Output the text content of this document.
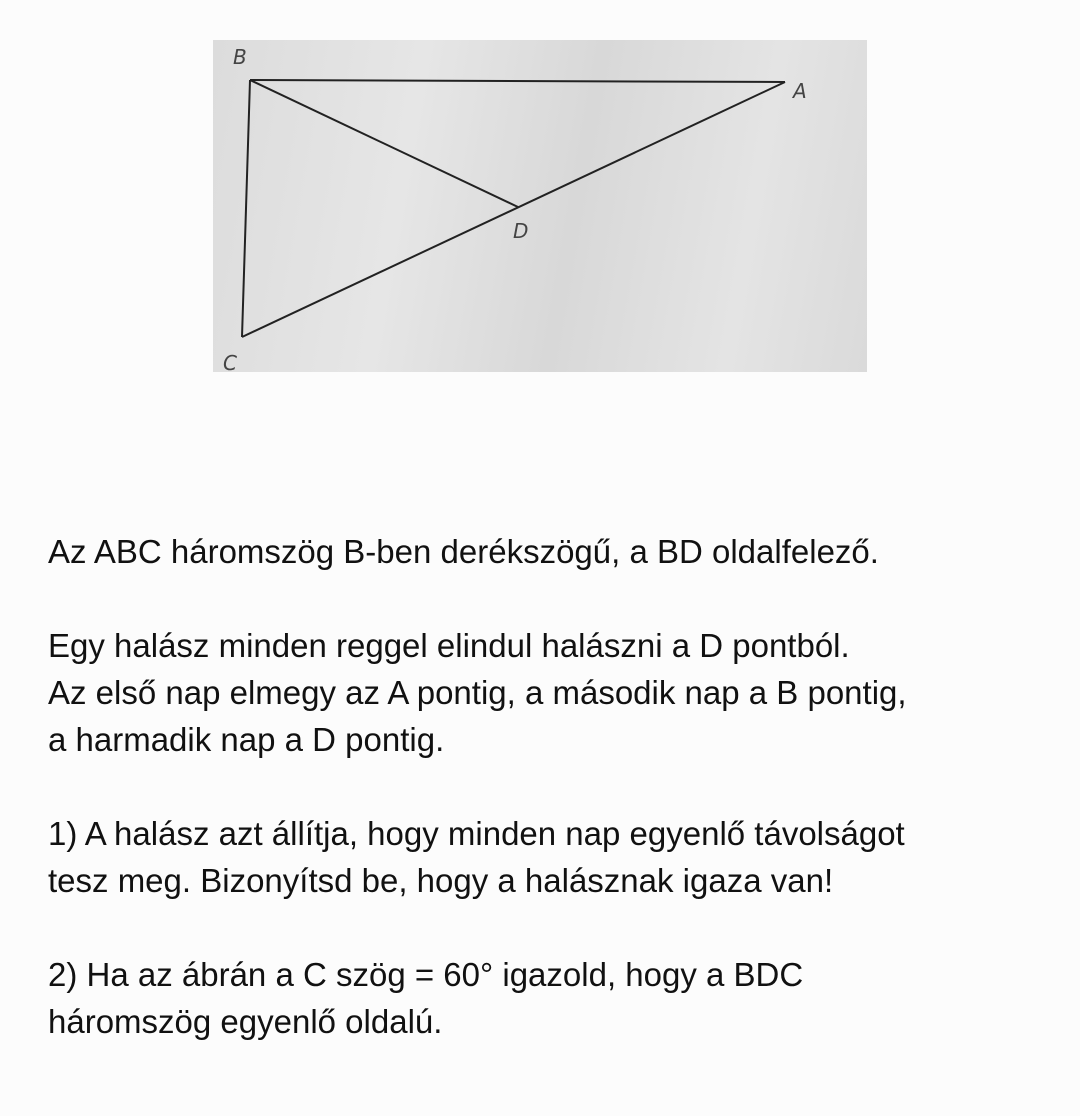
B
A
D
C

Az ABC háromszög B-ben derékszögű, a BD oldalfelező.

Egy halász minden reggel elindul halászni a D pontból.

Az első nap elmegy az A pontig, a második nap a B pontig,

a harmadik nap a D pontig.

1) A halász azt állítja, hogy minden nap egyenlő távolságot

tesz meg. Bizonyítsd be, hogy a halásznak igaza van!

2) Ha az ábrán a C szög = 60° igazold, hogy a BDC

háromszög egyenlő oldalú.
